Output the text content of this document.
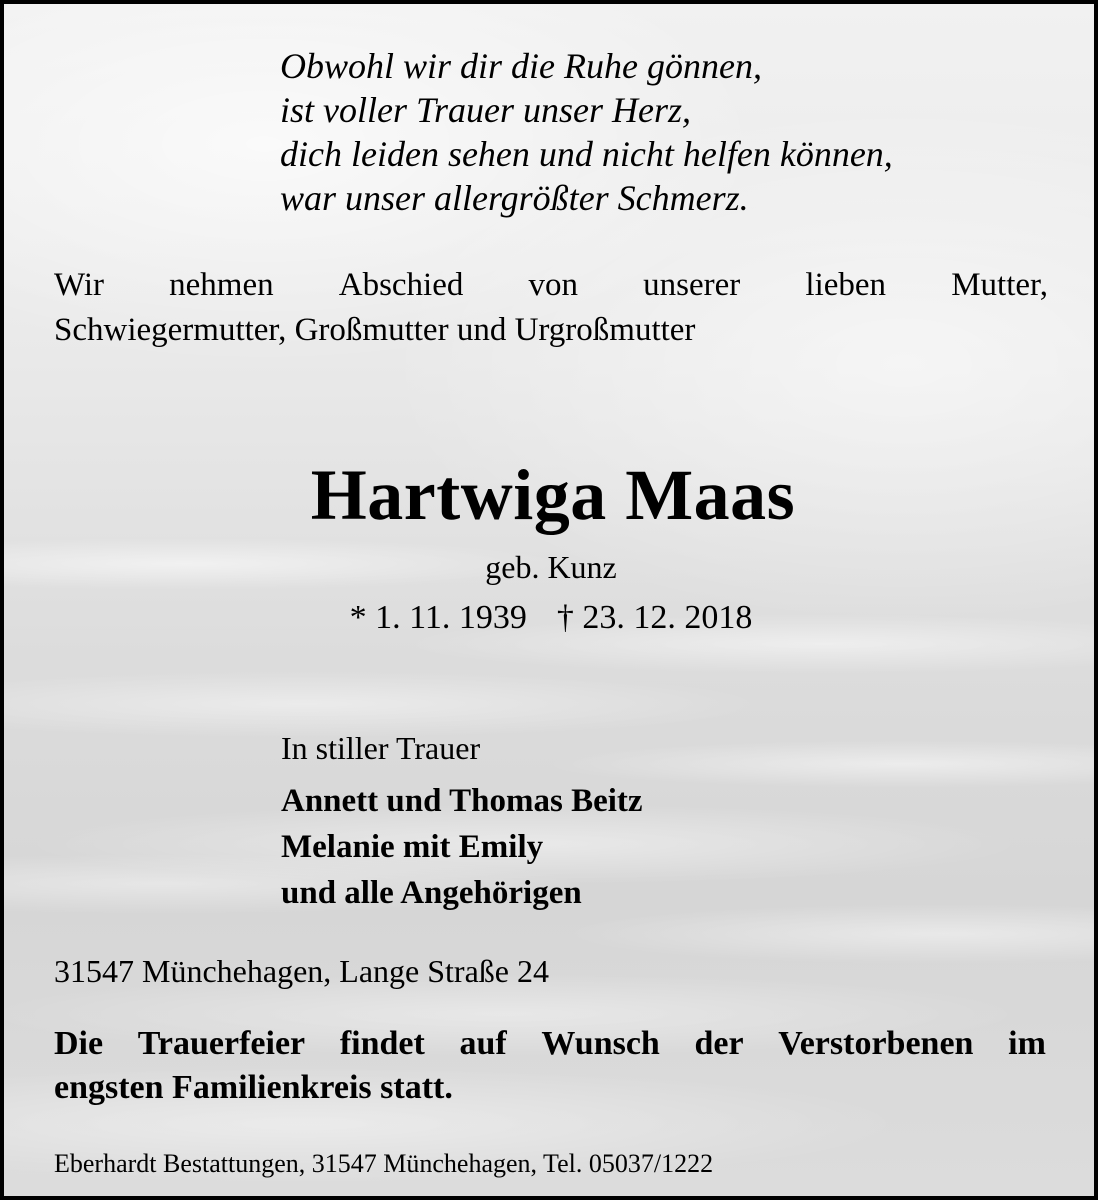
Obwohl wir dir die Ruhe gönnen,
ist voller Trauer unser Herz,
dich leiden sehen und nicht helfen können,
war unser allergrößter Schmerz.

Wir nehmen Abschied von unserer lieben Mutter,

Schwiegermutter, Großmutter und Urgroßmutter

Hartwiga Maas

geb. Kunz

* 1. 11. 1939 † 23. 12. 2018

In stiller Trauer

Annett und Thomas Beitz
Melanie mit Emily
und alle Angehörigen

31547 Münchehagen, Lange Straße 24

Die Trauerfeier findet auf Wunsch der Verstorbenen im

engsten Familienkreis statt.

Eberhardt Bestattungen, 31547 Münchehagen, Tel. 05037/1222
